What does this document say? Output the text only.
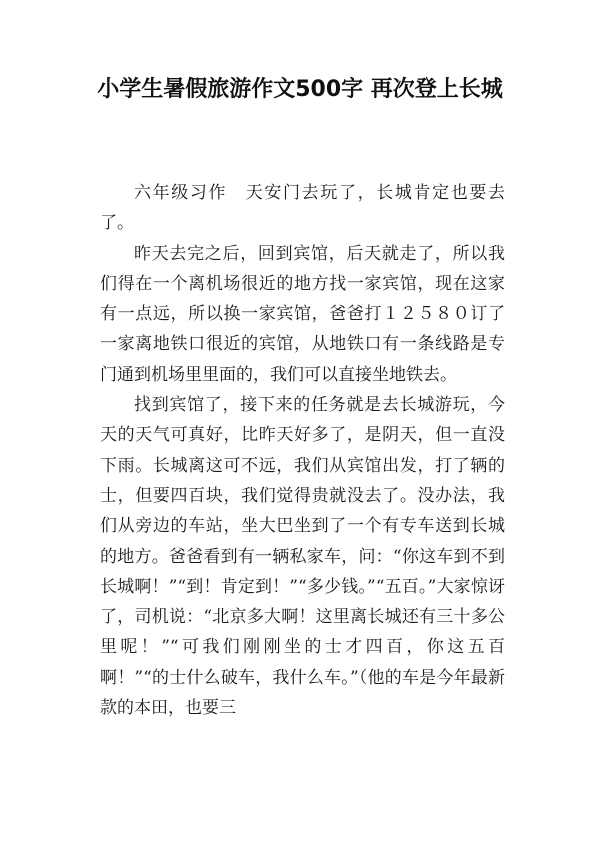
小学生暑假旅游作文500字 再次登上长城

六年级习作　天安门去玩了，长城肯定也要去了。

昨天去完之后，回到宾馆，后天就走了，所以我们得在一个离机场很近的地方找一家宾馆，现在这家有一点远，所以换一家宾馆，爸爸打１２５８０订了一家离地铁口很近的宾馆，从地铁口有一条线路是专门通到机场里里面的，我们可以直接坐地铁去。

找到宾馆了，接下来的任务就是去长城游玩，今天的天气可真好，比昨天好多了，是阴天，但一直没下雨。长城离这可不远，我们从宾馆出发，打了辆的士，但要四百块，我们觉得贵就没去了。没办法，我们从旁边的车站，坐大巴坐到了一个有专车送到长城的地方。爸爸看到有一辆私家车，问：“你这车到不到长城啊！”“到！肯定到！”“多少钱。”“五百。”大家惊讶了，司机说：“北京多大啊！这里离长城还有三十多公里呢！”“可我们刚刚坐的士才四百，你这五百啊！”“的士什么破车，我什么车。”（他的车是今年最新款的本田，也要三
